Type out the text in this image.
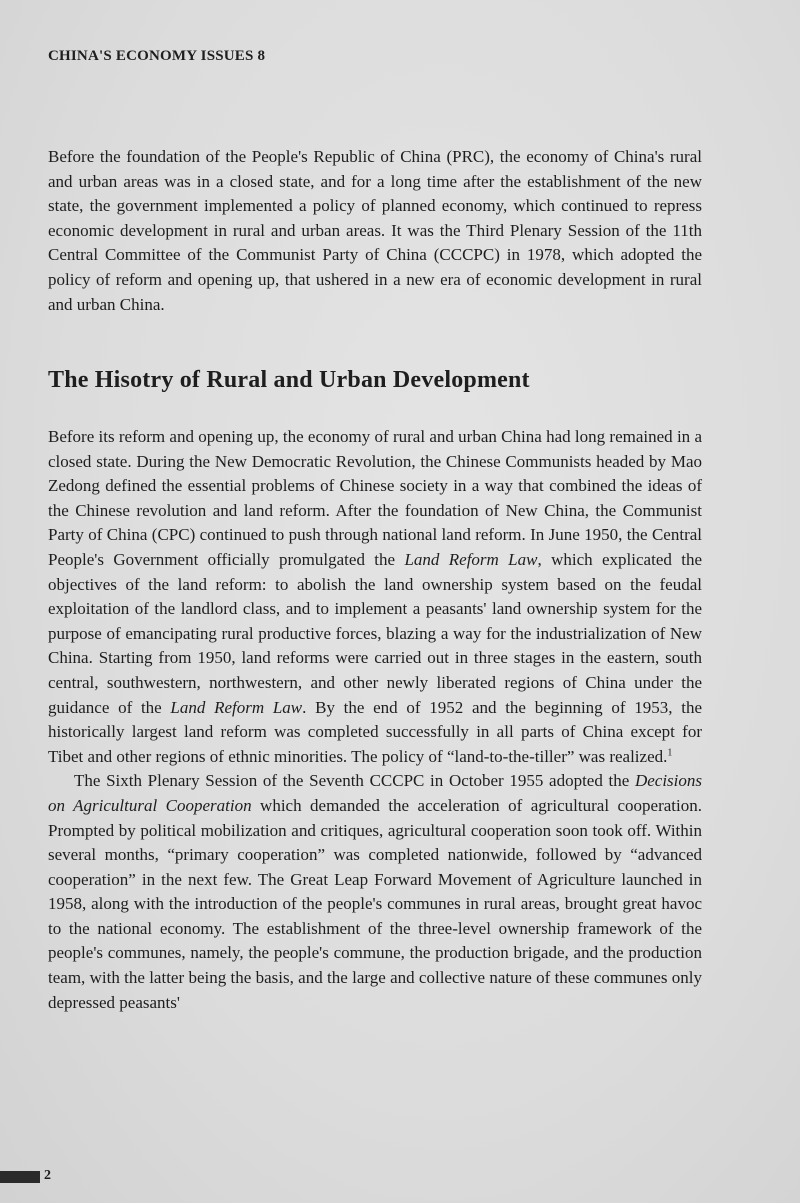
CHINA'S ECONOMY ISSUES 8

Before the foundation of the People's Republic of China (PRC), the economy of China's rural and urban areas was in a closed state, and for a long time after the establishment of the new state, the government implemented a policy of planned economy, which continued to repress economic development in rural and urban areas. It was the Third Plenary Session of the 11th Central Committee of the Communist Party of China (CCCPC) in 1978, which adopted the policy of reform and opening up, that ushered in a new era of economic development in rural and urban China.

The Hisotry of Rural and Urban Development

Before its reform and opening up, the economy of rural and urban China had long remained in a closed state. During the New Democratic Revolution, the Chinese Communists headed by Mao Zedong defined the essential problems of Chinese society in a way that combined the ideas of the Chinese revolution and land reform. After the foundation of New China, the Communist Party of China (CPC) continued to push through national land reform. In June 1950, the Central People's Government officially promulgated the Land Reform Law, which explicated the objectives of the land reform: to abolish the land ownership system based on the feudal exploitation of the landlord class, and to implement a peasants' land ownership system for the purpose of emancipating rural productive forces, blazing a way for the industrialization of New China. Starting from 1950, land reforms were carried out in three stages in the eastern, south central, southwestern, northwestern, and other newly liberated regions of China under the guidance of the Land Reform Law. By the end of 1952 and the beginning of 1953, the historically largest land reform was completed successfully in all parts of China except for Tibet and other regions of ethnic minorities. The policy of “land-to-the-tiller” was realized.$^1$

The Sixth Plenary Session of the Seventh CCCPC in October 1955 adopted the Decisions on Agricultural Cooperation which demanded the acceleration of agricultural cooperation. Prompted by political mobilization and critiques, agricultural cooperation soon took off. Within several months, “primary cooperation” was completed nationwide, followed by “advanced cooperation” in the next few. The Great Leap Forward Movement of Agriculture launched in 1958, along with the introduction of the people's communes in rural areas, brought great havoc to the national economy. The establishment of the three-level ownership framework of the people's communes, namely, the people's commune, the production brigade, and the production team, with the latter being the basis, and the large and collective nature of these communes only depressed peasants'

2
